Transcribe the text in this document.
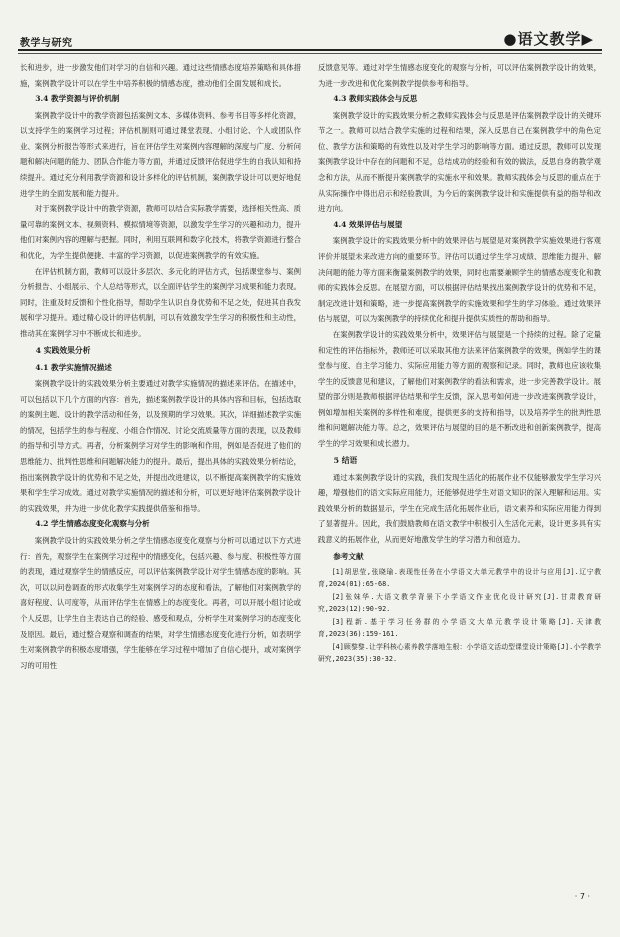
教学与研究	●语文教学▶

长和进步，进一步激发他们对学习的自信和兴趣。通过这些情感态度培养策略和具体措施，案例教学设计可以在学生中培养积极的情感态度，推动他们全面发展和成长。

3.4 教学资源与评价机制

案例教学设计中的教学资源包括案例文本、多媒体资料、参考书目等多样化资源，以支持学生的案例学习过程；评估机制则可通过课堂表现、小组讨论、个人或团队作业、案例分析报告等形式来进行，旨在评估学生对案例内容理解的深度与广度、分析问题和解决问题的能力、团队合作能力等方面，并通过反馈评估促进学生的自我认知和持续提升。通过充分利用教学资源和设计多样化的评估机制，案例教学设计可以更好地促进学生的全面发展和能力提升。

对于案例教学设计中的教学资源，教师可以结合实际教学需要，选择相关性高、质量可靠的案例文本、视频资料、模拟情境等资源，以激发学生学习的兴趣和动力，提升他们对案例内容的理解与把握。同时，利用互联网和数字化技术，将教学资源进行整合和优化，为学生提供便捷、丰富的学习资源，以促进案例教学的有效实施。

在评估机制方面，教师可以设计多层次、多元化的评估方式，包括课堂参与、案例分析报告、小组展示、个人总结等形式，以全面评估学生的案例学习成果和能力表现。同时，注重及时反馈和个性化指导，帮助学生认识自身优势和不足之处，促进其自我发展和学习提升。通过精心设计的评估机制，可以有效激发学生学习的积极性和主动性，推动其在案例学习中不断成长和进步。

4 实践效果分析
4.1 教学实施情况描述

案例教学设计的实践效果分析主要通过对教学实施情况的描述来评估。在描述中，可以包括以下几个方面的内容：首先，描述案例教学设计的具体内容和目标，包括选取的案例主题、设计的教学活动和任务，以及预期的学习效果。其次，详细描述教学实施的情况，包括学生的参与程度、小组合作情况、讨论交流质量等方面的表现，以及教师的指导和引导方式。再者，分析案例学习对学生的影响和作用，例如是否促进了他们的思维能力、批判性思维和问题解决能力的提升。最后，提出具体的实践效果分析结论，指出案例教学设计的优势和不足之处，并提出改进建议，以不断提高案例教学的实施效果和学生学习成效。通过对教学实施情况的描述和分析，可以更好地评估案例教学设计的实践效果，并为进一步优化教学实践提供借鉴和指导。

4.2 学生情感态度变化观察与分析

案例教学设计的实践效果分析之学生情感态度变化观察与分析可以通过以下方式进行：首先，观察学生在案例学习过程中的情感变化，包括兴趣、参与度、积极性等方面的表现，通过观察学生的情感反应，可以评估案例教学设计对学生情感态度的影响。其次，可以以问卷调查的形式收集学生对案例学习的态度和看法，了解他们对案例教学的喜好程度、认可度等，从而评估学生在情感上的态度变化。再者，可以开展小组讨论或个人反思，让学生自主表达自己的经验、感受和观点，分析学生对案例学习的态度变化及原因。最后，通过整合观察和调查的结果，对学生情感态度变化进行分析，如表明学生对案例教学的积极态度增强，学生能够在学习过程中增加了自信心提升，或对案例学习的可用性

反馈意见等。通过对学生情感态度变化的观察与分析，可以评估案例教学设计的效果，为进一步改进和优化案例教学提供参考和指导。

4.3 教师实践体会与反思

案例教学设计的实践效果分析之教师实践体会与反思是评估案例教学设计的关键环节之一。教师可以结合教学实施的过程和结果，深入反思自己在案例教学中的角色定位、教学方法和策略的有效性以及对学生学习的影响等方面。通过反思，教师可以发现案例教学设计中存在的问题和不足，总结成功的经验和有效的做法，反思自身的教学观念和方法，从而不断提升案例教学的实施水平和效果。教师实践体会与反思的重点在于从实际操作中得出启示和经验教训，为今后的案例教学设计和实施提供有益的指导和改进方向。

4.4 效果评估与展望

案例教学设计的实践效果分析中的效果评估与展望是对案例教学实施效果进行客观评价并展望未来改进方向的重要环节。评估可以通过学生学习成绩、思维能力提升、解决问题的能力等方面来衡量案例教学的效果，同时也需要兼顾学生的情感态度变化和教师的实践体会反思。在展望方面，可以根据评估结果找出案例教学设计的优势和不足，制定改进计划和策略，进一步提高案例教学的实施效果和学生的学习体验。通过效果评估与展望，可以为案例教学的持续优化和提升提供实质性的帮助和指导。

在案例教学设计的实践效果分析中，效果评估与展望是一个持续的过程。除了定量和定性的评估指标外，教师还可以采取其他方法来评估案例教学的效果，例如学生的课堂参与度、自主学习能力、实际应用能力等方面的观察和记录。同时，教师也应该收集学生的反馈意见和建议，了解他们对案例教学的看法和需求，进一步完善教学设计。展望的部分则是教师根据评估结果和学生反馈，深入思考如何进一步改进案例教学设计，例如增加相关案例的多样性和难度，提供更多的支持和指导，以及培养学生的批判性思维和问题解决能力等。总之，效果评估与展望的目的是不断改进和创新案例教学，提高学生的学习效果和成长潜力。

5 结语

通过本案例教学设计的实践，我们发现生活化的拓展作业不仅能够激发学生学习兴趣，增强他们的语文实际应用能力，还能够促进学生对语文知识的深入理解和运用。实践效果分析的数据显示，学生在完成生活化拓展作业后，语文素养和实际应用能力得到了显著提升。因此，我们鼓励教师在语文教学中积极引入生活化元素，设计更多具有实践意义的拓展作业，从而更好地激发学生的学习潜力和创造力。

参考文献

[1]胡思莹,张晓瑜.表现性任务在小学语文大单元教学中的设计与应用[J].辽宁教育,2024(01):65-68.

[2]张妹华.大语文教学背景下小学语文作业优化设计研究[J].甘肃教育研究,2023(12):90-92.

[3]程新.基于学习任务群的小学语文大单元教学设计策略[J].天津教育,2023(36):159-161.

[4]顾黎黎.让学科核心素养教学落地生根：小学语文活动型课堂设计策略[J].小学教学研究,2023(35):30-32.

· 7 ·
